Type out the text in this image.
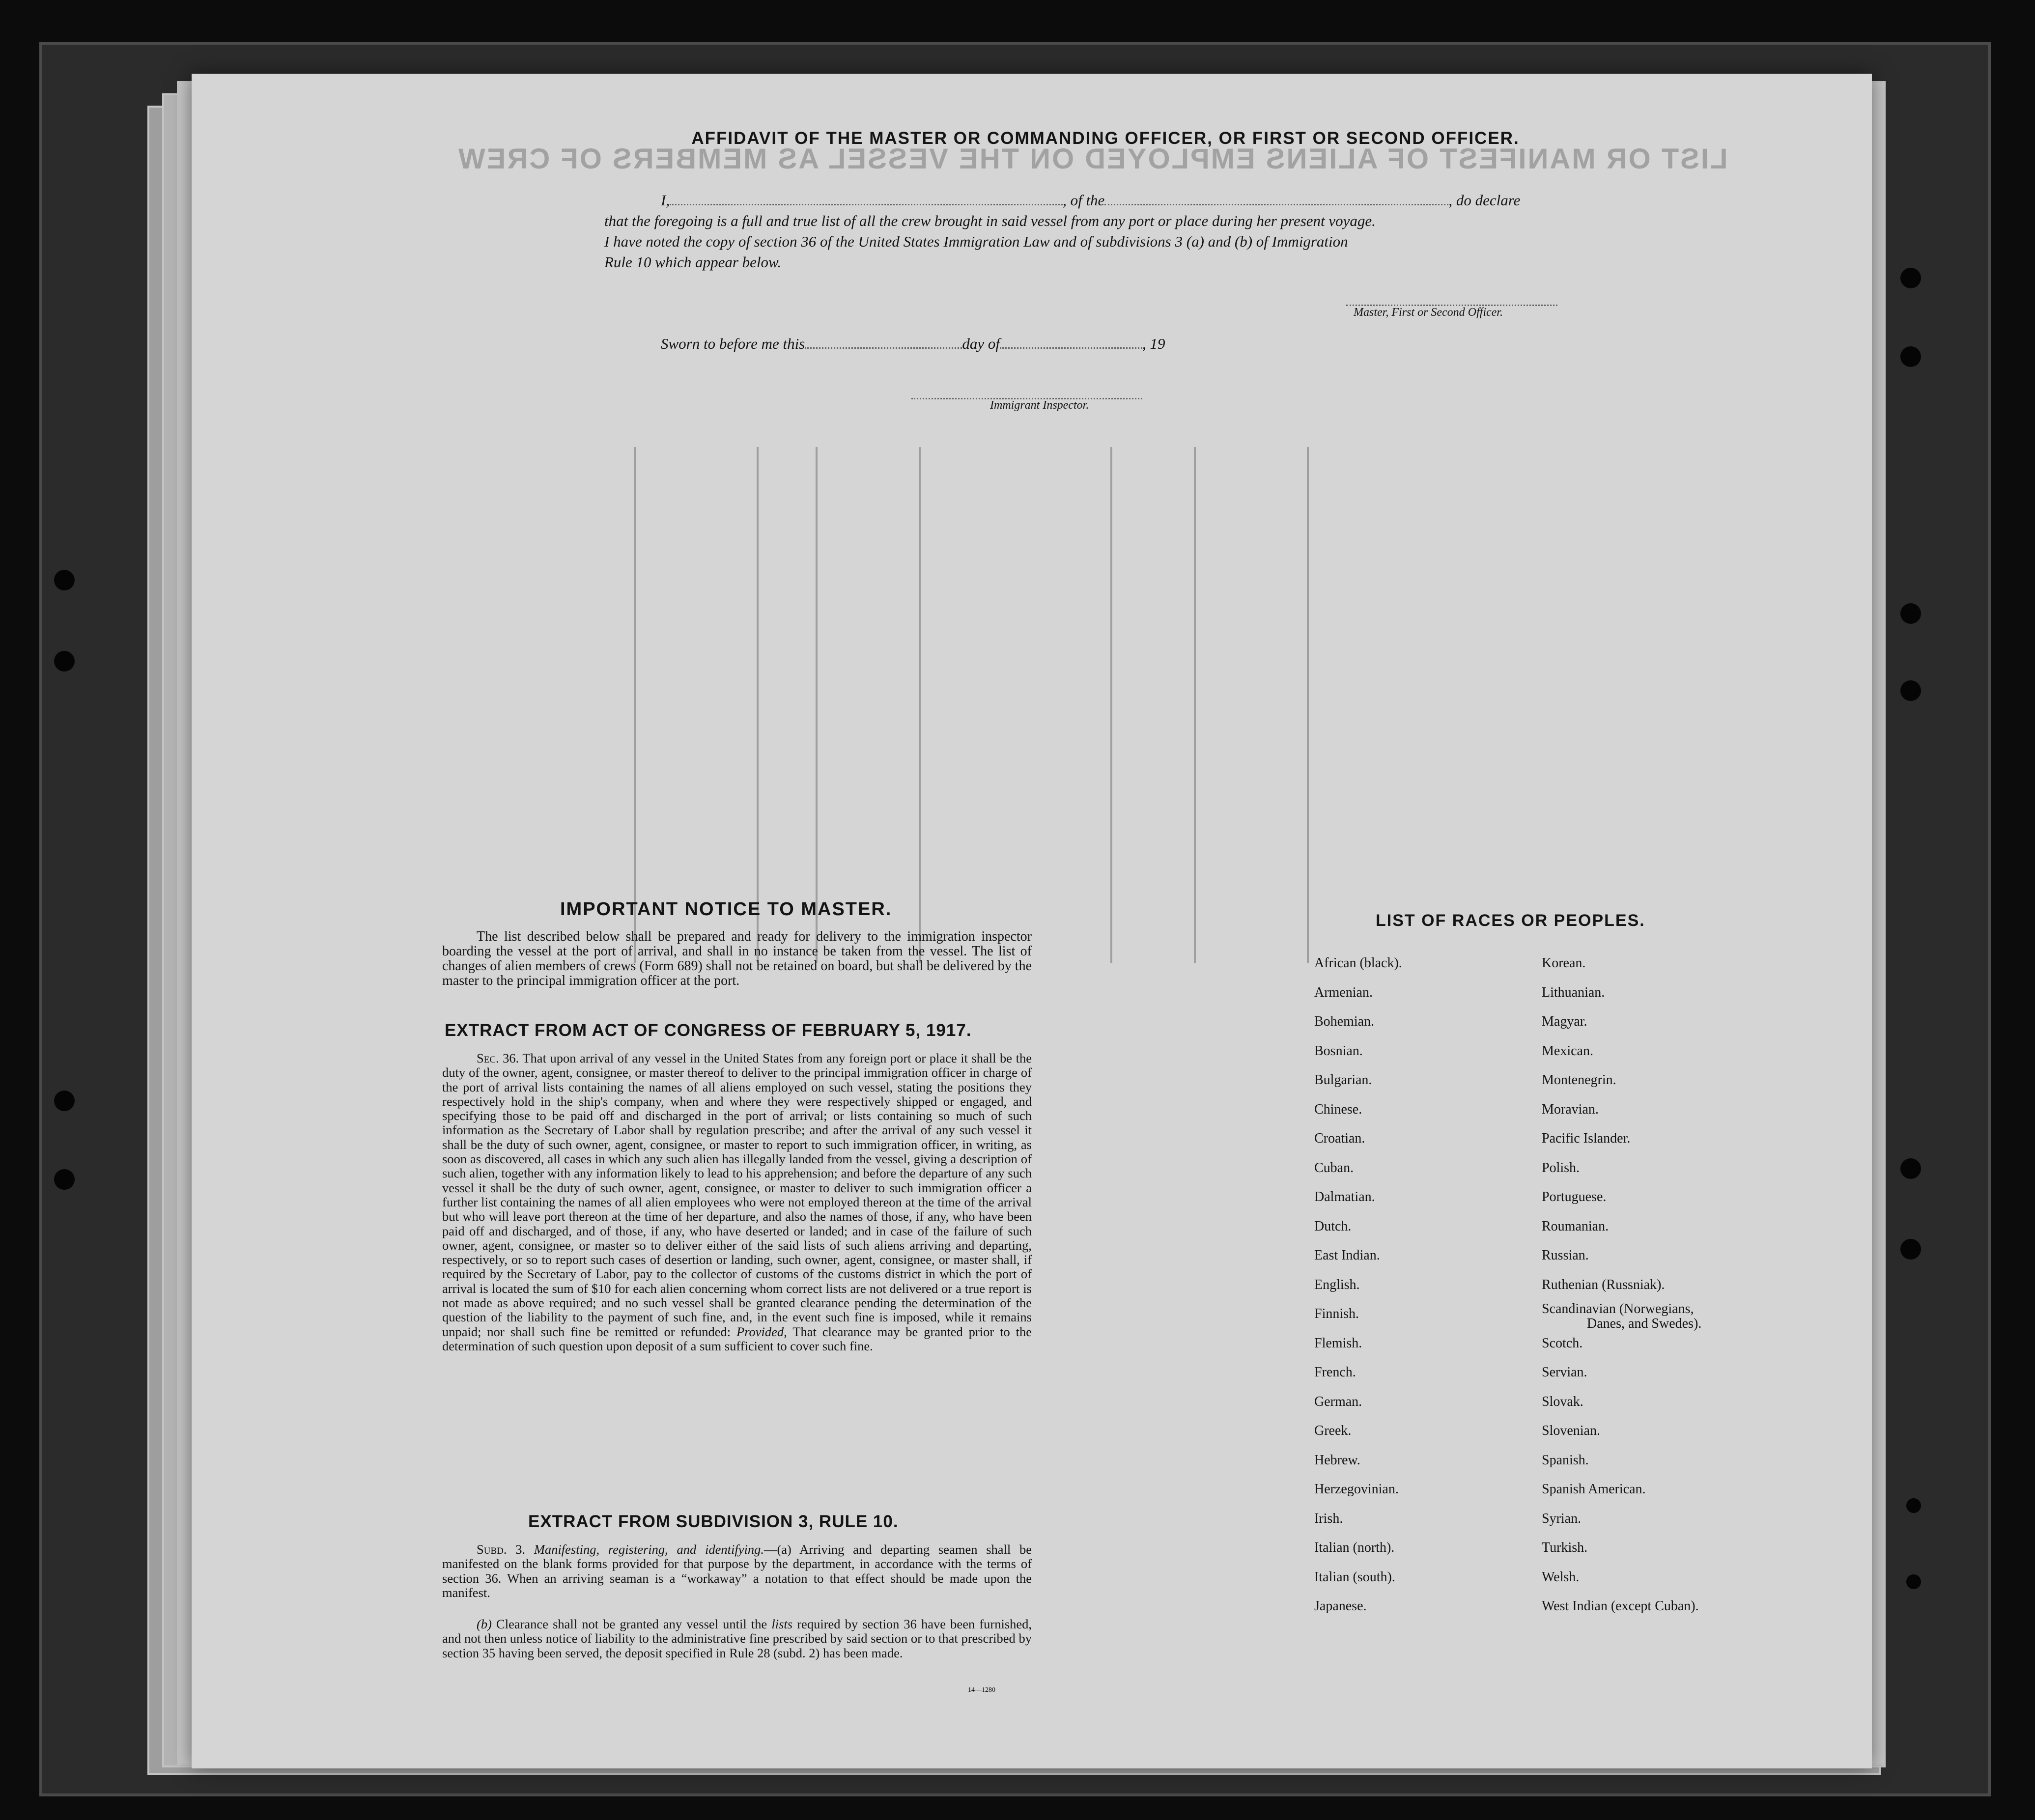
LIST OR MANIFEST OF ALIENS EMPLOYED ON THE VESSEL AS MEMBERS OF CREW
AFFIDAVIT OF THE MASTER OR COMMANDING OFFICER, OR FIRST OR SECOND OFFICER.
I,	, of the	, do declare
that the foregoing is a full and true list of all the crew brought in said vessel from any port or place during her present voyage.
I have noted the copy of section 36 of the United States Immigration Law and of subdivisions 3 (a) and (b) of Immigration
Rule 10 which appear below.
Master, First or Second Officer.
Sworn to before me this	day of	, 19
Immigrant Inspector.
IMPORTANT NOTICE TO MASTER.

The list described below shall be prepared and ready for delivery to the immigration inspector boarding the vessel at the port of arrival, and shall in no instance be taken from the vessel. The list of changes of alien members of crews (Form 689) shall not be retained on board, but shall be delivered by the master to the principal immigration officer at the port.

EXTRACT FROM ACT OF CONGRESS OF FEBRUARY 5, 1917.

Sec. 36. That upon arrival of any vessel in the United States from any foreign port or place it shall be the duty of the owner, agent, consignee, or master thereof to deliver to the principal immigration officer in charge of the port of arrival lists containing the names of all aliens employed on such vessel, stating the positions they respectively hold in the ship's company, when and where they were respectively shipped or engaged, and specifying those to be paid off and discharged in the port of arrival; or lists containing so much of such information as the Secretary of Labor shall by regulation prescribe; and after the arrival of any such vessel it shall be the duty of such owner, agent, consignee, or master to report to such immigration officer, in writing, as soon as discovered, all cases in which any such alien has illegally landed from the vessel, giving a description of such alien, together with any information likely to lead to his apprehension; and before the departure of any such vessel it shall be the duty of such owner, agent, consignee, or master to deliver to such immigration officer a further list containing the names of all alien employees who were not employed thereon at the time of the arrival but who will leave port thereon at the time of her departure, and also the names of those, if any, who have been paid off and discharged, and of those, if any, who have deserted or landed; and in case of the failure of such owner, agent, consignee, or master so to deliver either of the said lists of such aliens arriving and departing, respectively, or so to report such cases of desertion or landing, such owner, agent, consignee, or master shall, if required by the Secretary of Labor, pay to the collector of customs of the customs district in which the port of arrival is located the sum of $10 for each alien concerning whom correct lists are not delivered or a true report is not made as above required; and no such vessel shall be granted clearance pending the determination of the question of the liability to the payment of such fine, and, in the event such fine is imposed, while it remains unpaid; nor shall such fine be remitted or refunded: Provided, That clearance may be granted prior to the determination of such question upon deposit of a sum sufficient to cover such fine.

EXTRACT FROM SUBDIVISION 3, RULE 10.

Subd. 3. Manifesting, registering, and identifying.—(a) Arriving and departing seamen shall be manifested on the blank forms provided for that purpose by the department, in accordance with the terms of section 36. When an arriving seaman is a “workaway” a notation to that effect should be made upon the manifest.

(b) Clearance shall not be granted any vessel until the lists required by section 36 have been furnished, and not then unless notice of liability to the administrative fine prescribed by said section or to that prescribed by section 35 having been served, the deposit specified in Rule 28 (subd. 2) has been made.

14—1280
LIST OF RACES OR PEOPLES.
African (black).
Armenian.
Bohemian.
Bosnian.
Bulgarian.
Chinese.
Croatian.
Cuban.
Dalmatian.
Dutch.
East Indian.
English.
Finnish.
Flemish.
French.
German.
Greek.
Hebrew.
Herzegovinian.
Irish.
Italian (north).
Italian (south).
Japanese.
Korean.
Lithuanian.
Magyar.
Mexican.
Montenegrin.
Moravian.
Pacific Islander.
Polish.
Portuguese.
Roumanian.
Russian.
Ruthenian (Russniak).
Scandinavian (Norwegians,
Danes, and Swedes).
Scotch.
Servian.
Slovak.
Slovenian.
Spanish.
Spanish American.
Syrian.
Turkish.
Welsh.
West Indian (except Cuban).
